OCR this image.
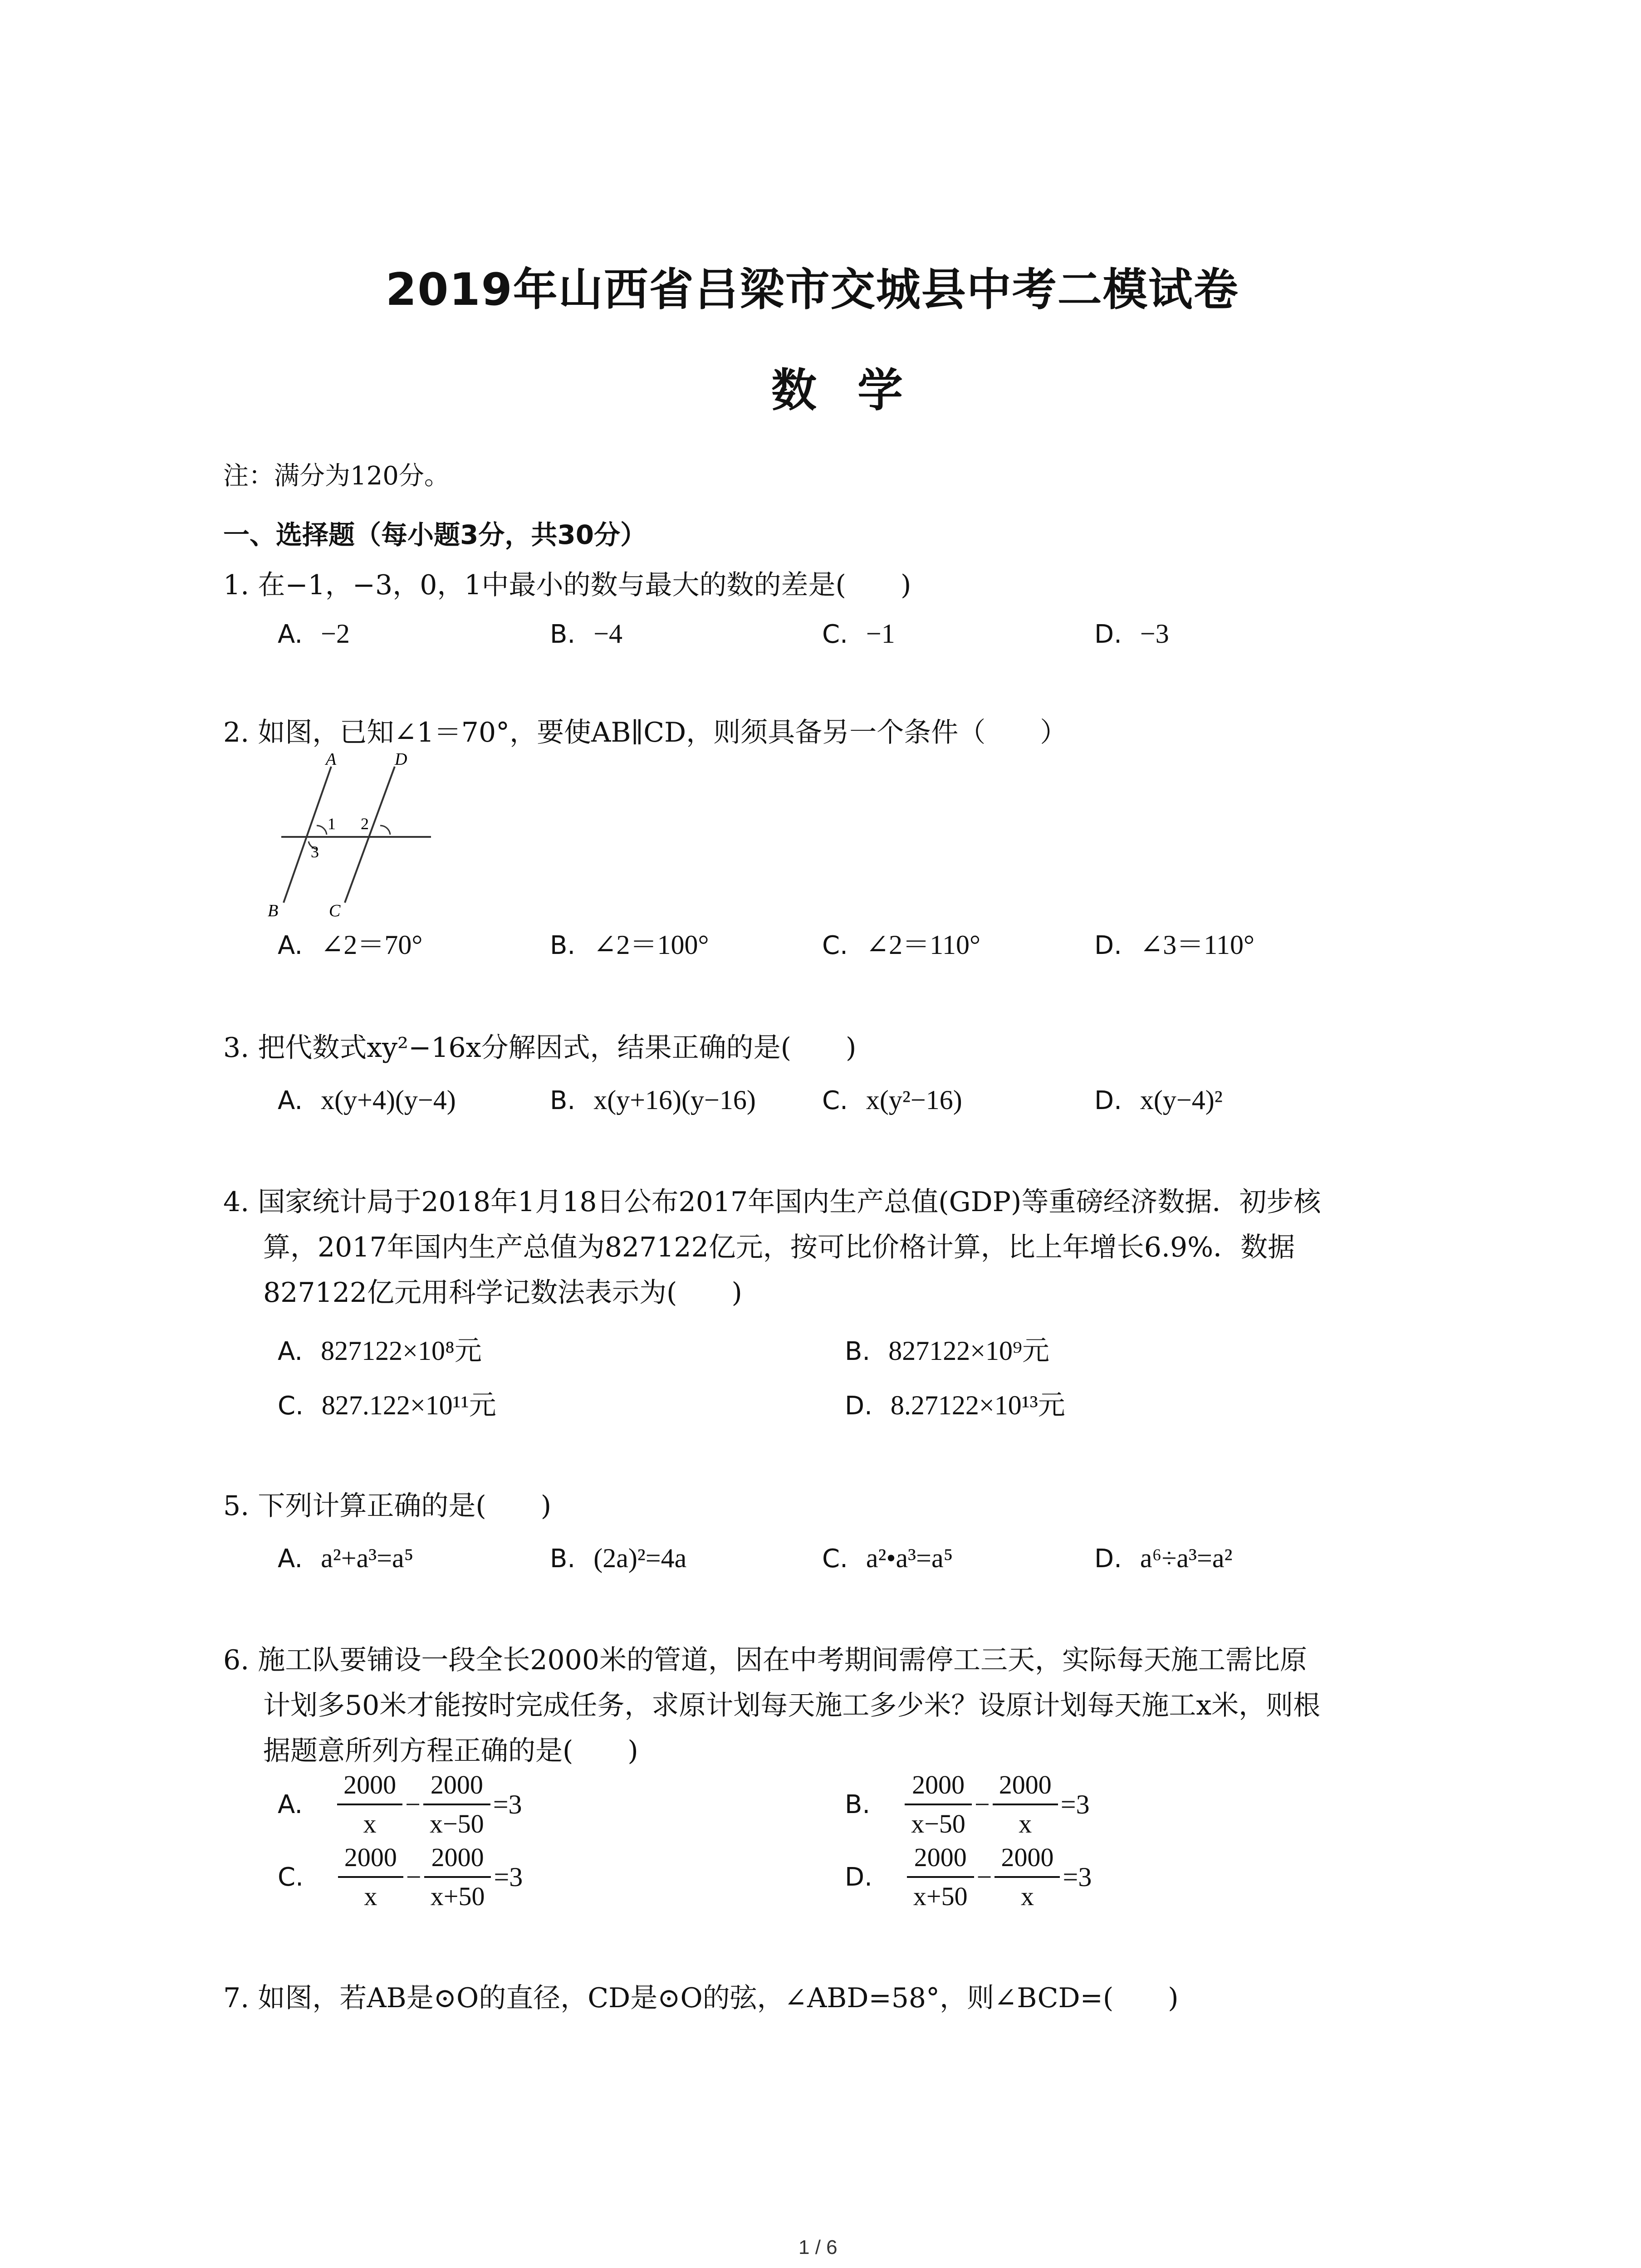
2019年山西省吕梁市交城县中考二模试卷
数学
注：满分为120分。
一、选择题（每小题3分，共30分）
1. 在−1，−3，0，1中最小的数与最大的数的差是(　　)
A. −2	B. −4	C. −1	D. −3
2. 如图，已知∠1＝70°，要使AB∥CD，则须具备另一个条件（　　）
A	D
1 2
3
B	C
A. ∠2＝70°	B. ∠2＝100°	C. ∠2＝110°	D. ∠3＝110°
3. 把代数式xy²−16x分解因式，结果正确的是(　　)
A. x(y+4)(y−4)	B. x(y+16)(y−16)	C. x(y²−16)	D. x(y−4)²
4. 国家统计局于2018年1月18日公布2017年国内生产总值(GDP)等重磅经济数据．初步核
算，2017年国内生产总值为827122亿元，按可比价格计算，比上年增长6.9%．数据
827122亿元用科学记数法表示为(　　)
A. 827122×10⁸元	B. 827122×10⁹元
C. 827.122×10¹¹元	D. 8.27122×10¹³元
5. 下列计算正确的是(　　)
A. a²+a³=a⁵	B. (2a)²=4a	C. a²•a³=a⁵	D. a⁶÷a³=a²
6. 施工队要铺设一段全长2000米的管道，因在中考期间需停工三天，实际每天施工需比原
计划多50米才能按时完成任务，求原计划每天施工多少米？设原计划每天施工x米，则根
据题意所列方程正确的是(　　)
A. $\frac{2000}{x} - \frac{2000}{x-50} =3$	B. $\frac{2000}{x-50} - \frac{2000}{x} =3$
C. $\frac{2000}{x} - \frac{2000}{x+50} =3$	D. $\frac{2000}{x+50} - \frac{2000}{x} =3$
7. 如图，若AB是⊙O的直径，CD是⊙O的弦，∠ABD=58°，则∠BCD=(　　)
1 / 6
